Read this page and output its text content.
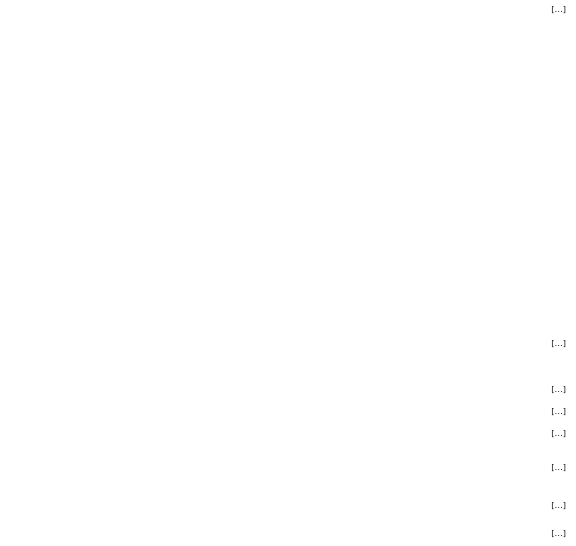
[…]

[…]

[…]

[…]

[…]

[…]

[…]

[…]
